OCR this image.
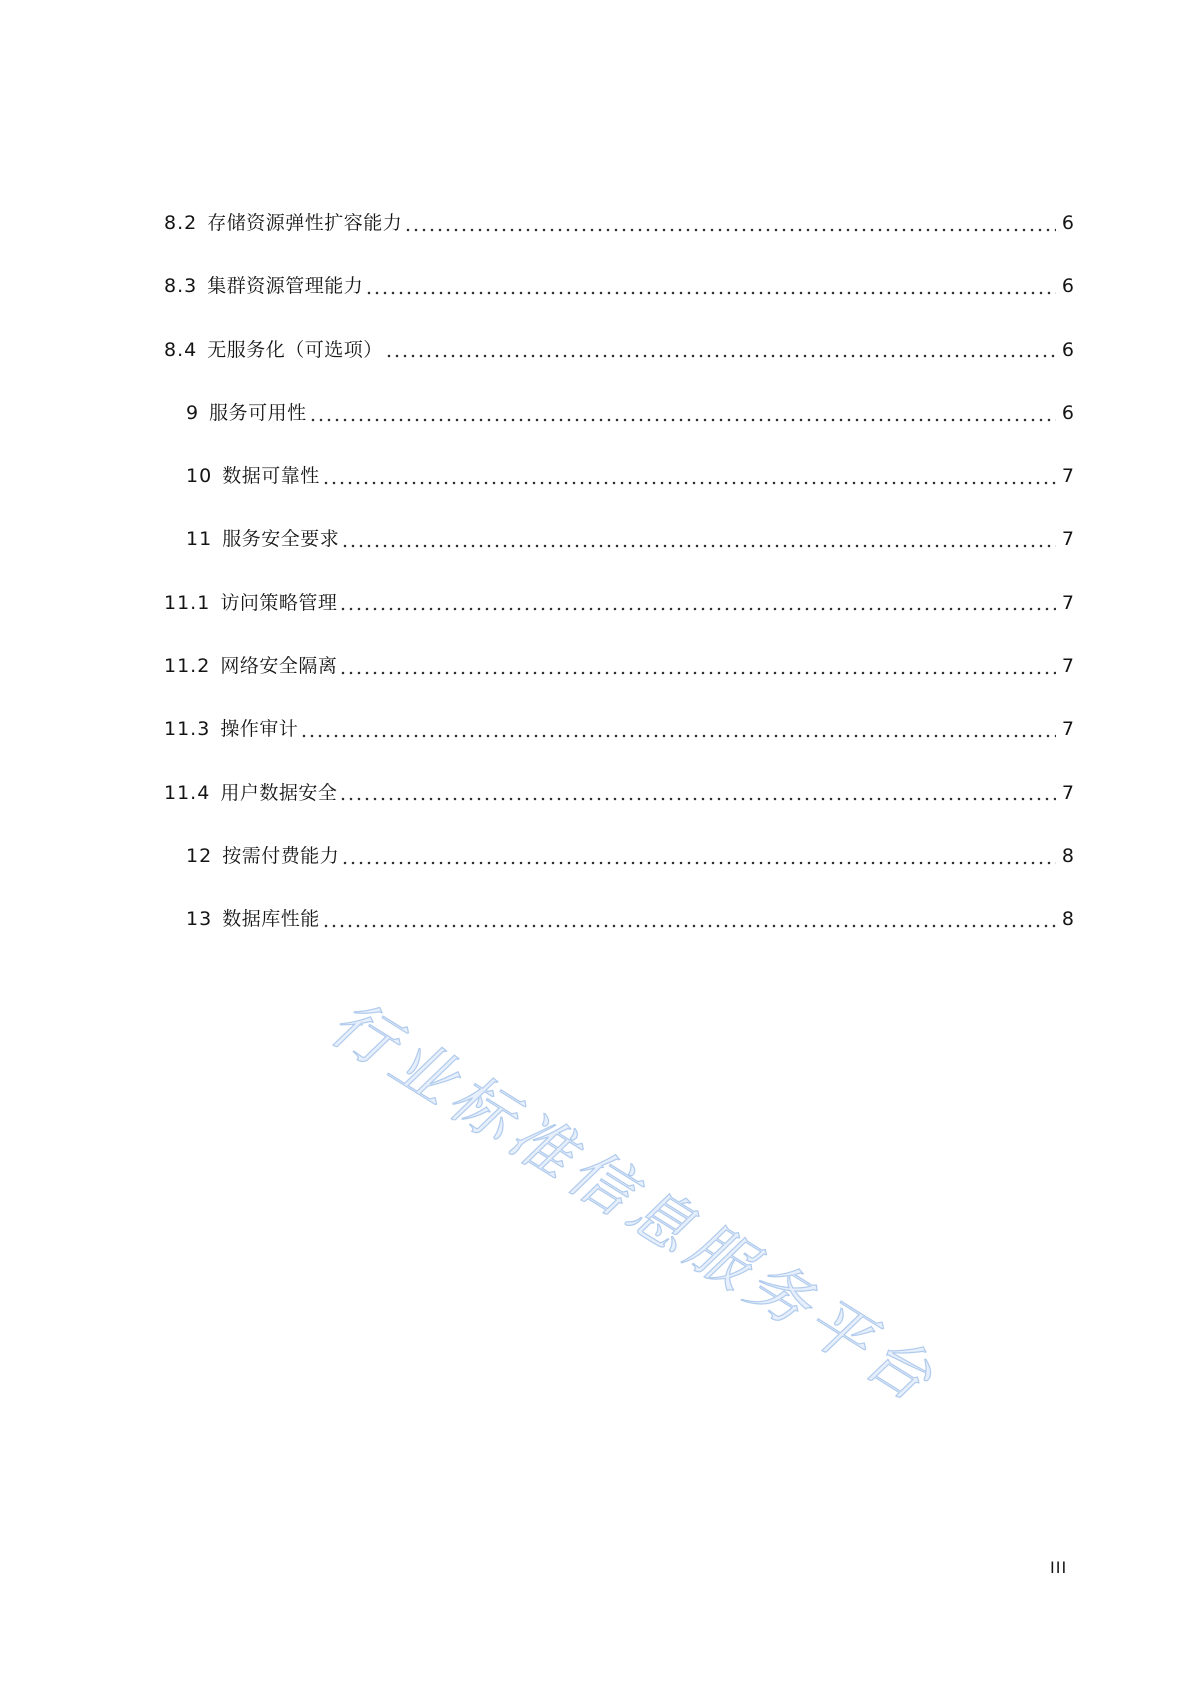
8.2 存储资源弹性扩容能力	6
8.3 集群资源管理能力	6
8.4 无服务化（可选项）	6
9 服务可用性	6
10 数据可靠性	7
11 服务安全要求	7
11.1 访问策略管理	7
11.2 网络安全隔离	7
11.3 操作审计	7
11.4 用户数据安全	7
12 按需付费能力	8
13 数据库性能	8
III
行业标准信息服务平台
